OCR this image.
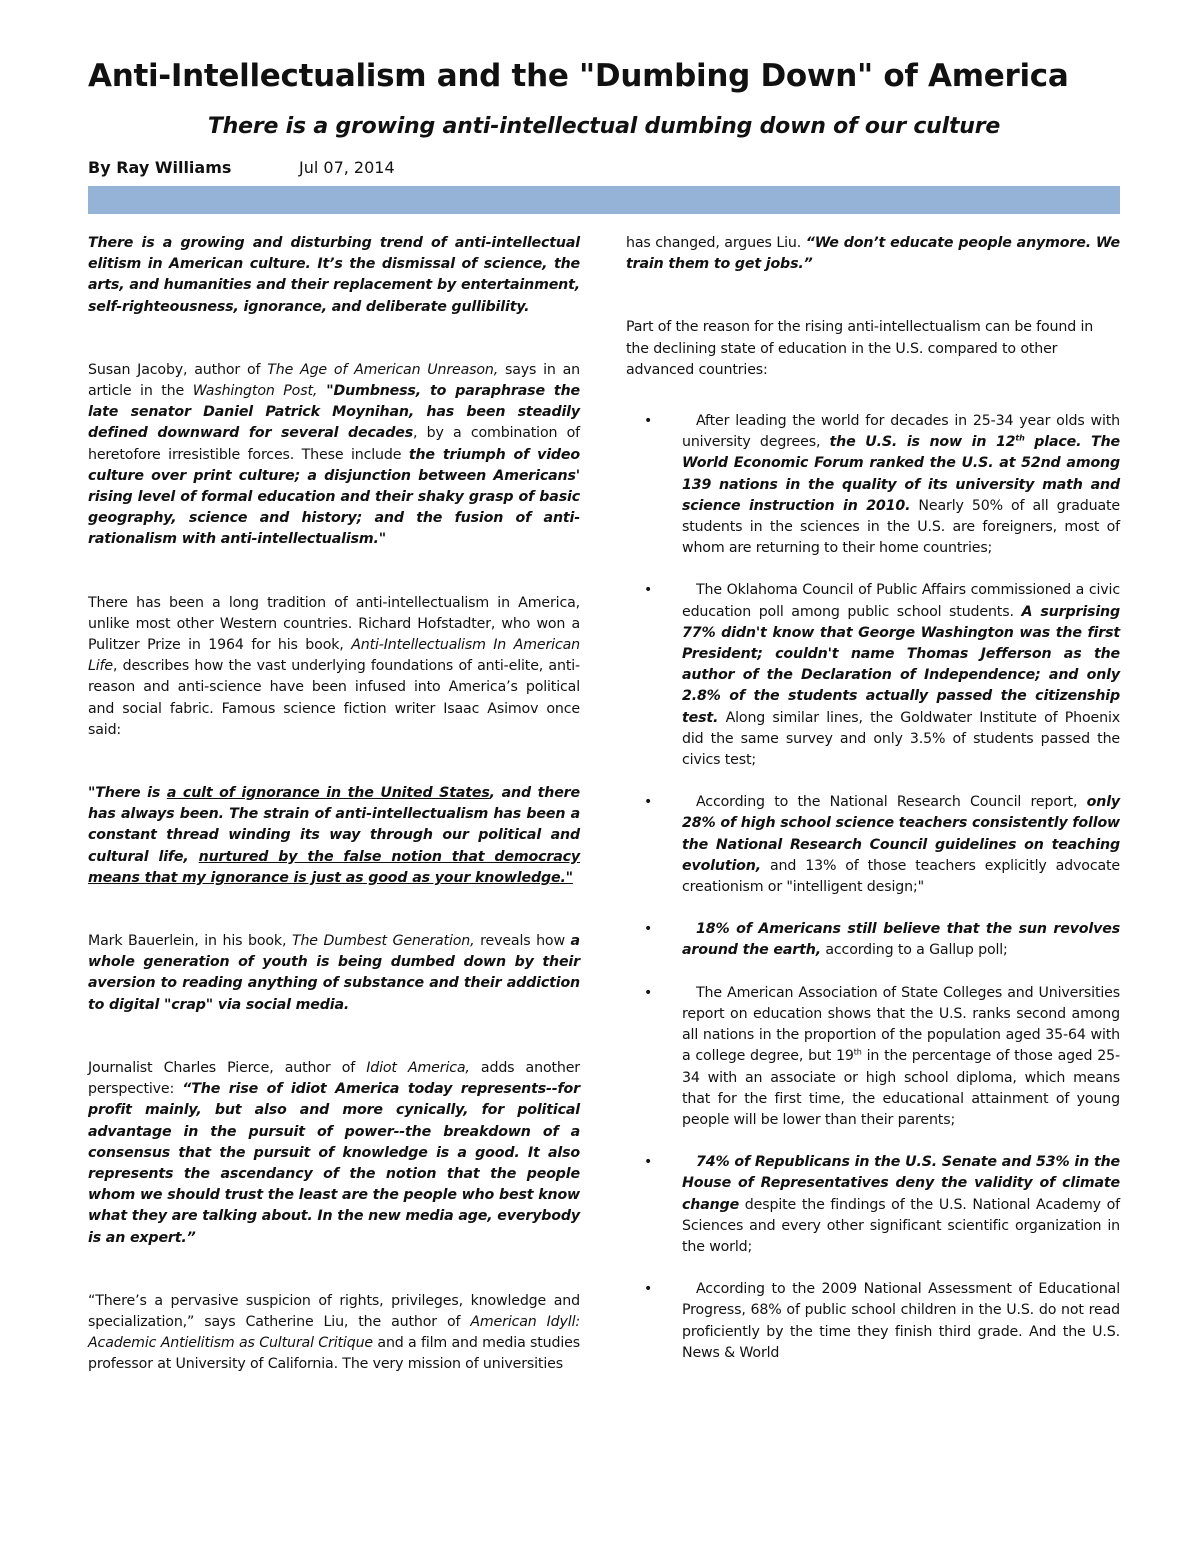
Anti-Intellectualism and the "Dumbing Down" of America
There is a growing anti-intellectual dumbing down of our culture
By Ray Williams	Jul 07, 2014

There is a growing and disturbing trend of anti-intellectual elitism in American culture. It’s the dismissal of science, the arts, and humanities and their replacement by entertainment, self-righteousness, ignorance, and deliberate gullibility.

Susan Jacoby, author of The Age of American Unreason, says in an article in the Washington Post, "Dumbness, to paraphrase the late senator Daniel Patrick Moynihan, has been steadily defined downward for several decades, by a combination of heretofore irresistible forces. These include the triumph of video culture over print culture; a disjunction between Americans' rising level of formal education and their shaky grasp of basic geography, science and history; and the fusion of anti-rationalism with anti-intellectualism."

There has been a long tradition of anti-intellectualism in America, unlike most other Western countries. Richard Hofstadter, who won a Pulitzer Prize in 1964 for his book, Anti-Intellectualism In American Life, describes how the vast underlying foundations of anti-elite, anti-reason and anti-science have been infused into America’s political and social fabric. Famous science fiction writer Isaac Asimov once said:

"There is a cult of ignorance in the United States, and there has always been. The strain of anti-intellectualism has been a constant thread winding its way through our political and cultural life, nurtured by the false notion that democracy means that my ignorance is just as good as your knowledge."

Mark Bauerlein, in his book, The Dumbest Generation, reveals how a whole generation of youth is being dumbed down by their aversion to reading anything of substance and their addiction to digital "crap" via social media.

Journalist Charles Pierce, author of Idiot America, adds another perspective: “The rise of idiot America today represents--for profit mainly, but also and more cynically, for political advantage in the pursuit of power--the breakdown of a consensus that the pursuit of knowledge is a good. It also represents the ascendancy of the notion that the people whom we should trust the least are the people who best know what they are talking about. In the new media age, everybody is an expert.”

“There’s a pervasive suspicion of rights, privileges, knowledge and specialization,” says Catherine Liu, the author of American Idyll: Academic Antielitism as Cultural Critique and a film and media studies professor at University of California. The very mission of universities

has changed, argues Liu. “We don’t educate people anymore. We train them to get jobs.”

Part of the reason for the rising anti-intellectualism can be found in the declining state of education in the U.S. compared to other advanced countries:

•	After leading the world for decades in 25-34 year olds with university degrees, the U.S. is now in 12th place. The World Economic Forum ranked the U.S. at 52nd among 139 nations in the quality of its university math and science instruction in 2010. Nearly 50% of all graduate students in the sciences in the U.S. are foreigners, most of whom are returning to their home countries;
•	The Oklahoma Council of Public Affairs commissioned a civic education poll among public school students. A surprising 77% didn't know that George Washington was the first President; couldn't name Thomas Jefferson as the author of the Declaration of Independence; and only 2.8% of the students actually passed the citizenship test. Along similar lines, the Goldwater Institute of Phoenix did the same survey and only 3.5% of students passed the civics test;
•	According to the National Research Council report, only 28% of high school science teachers consistently follow the National Research Council guidelines on teaching evolution, and 13% of those teachers explicitly advocate creationism or "intelligent design;"
•	18% of Americans still believe that the sun revolves around the earth, according to a Gallup poll;
•	The American Association of State Colleges and Universities report on education shows that the U.S. ranks second among all nations in the proportion of the population aged 35-64 with a college degree, but 19th in the percentage of those aged 25-34 with an associate or high school diploma, which means that for the first time, the educational attainment of young people will be lower than their parents;
•	74% of Republicans in the U.S. Senate and 53% in the House of Representatives deny the validity of climate change despite the findings of the U.S. National Academy of Sciences and every other significant scientific organization in the world;
•	According to the 2009 National Assessment of Educational Progress, 68% of public school children in the U.S. do not read proficiently by the time they finish third grade. And the U.S. News & World
